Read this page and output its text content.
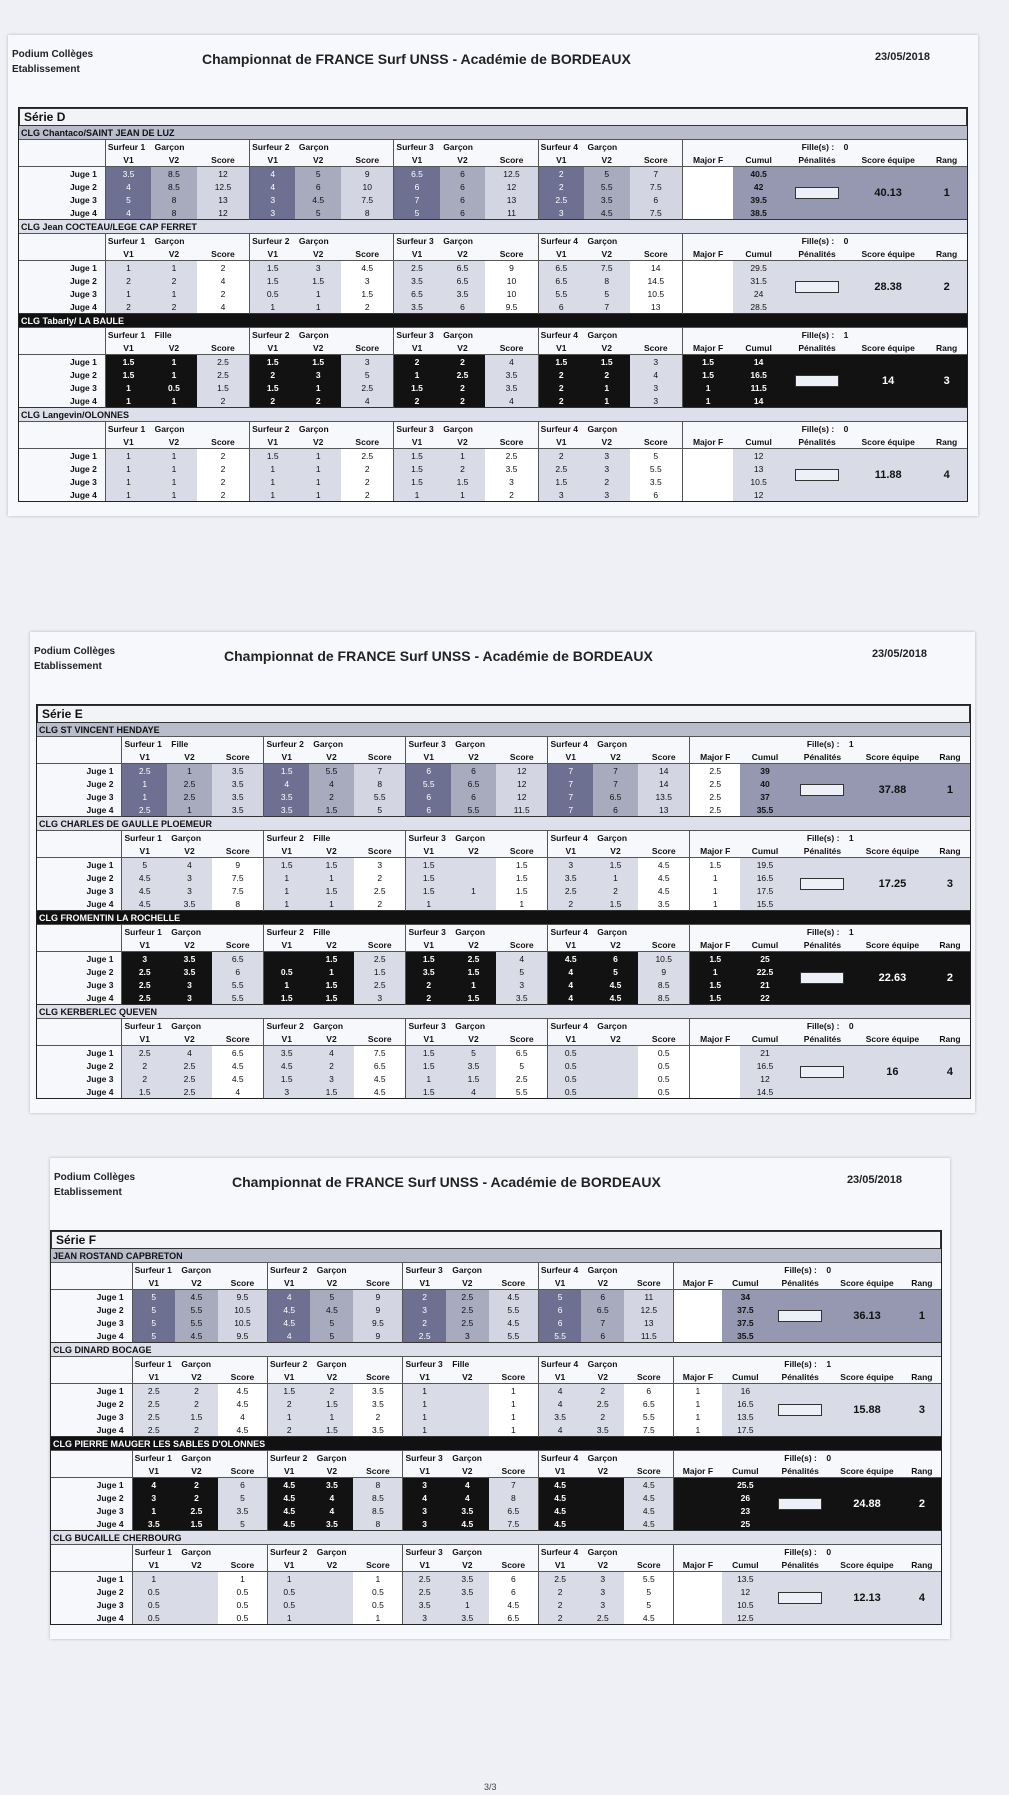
Podium Collèges
Etablissement
Championnat de FRANCE Surf UNSS - Académie de BORDEAUX	23/05/2018
Série D
CLG Chantaco/SAINT JEAN DE LUZ																	
	Surfeur 1 Garçon			Surfeur 2 Garçon			Surfeur 3 Garçon			Surfeur 4 Garçon			Fille(s) : 0				
	V1	V2	Score	V1	V2	Score	V1	V2	Score	V1	V2	Score	Major F	Cumul	Pénalités	Score équipe	Rang
Juge 1	3.5	8.5	12	4	5	9	6.5	6	12.5	2	5	7		40.5		40.13	1
Juge 2	4	8.5	12.5	4	6	10	6	6	12	2	5.5	7.5		42			
Juge 3	5	8	13	3	4.5	7.5	7	6	13	2.5	3.5	6		39.5			
Juge 4	4	8	12	3	5	8	5	6	11	3	4.5	7.5		38.5			
CLG Jean COCTEAU/LEGE CAP FERRET																	
	Surfeur 1 Garçon			Surfeur 2 Garçon			Surfeur 3 Garçon			Surfeur 4 Garçon			Fille(s) : 0				
	V1	V2	Score	V1	V2	Score	V1	V2	Score	V1	V2	Score	Major F	Cumul	Pénalités	Score équipe	Rang
Juge 1	1	1	2	1.5	3	4.5	2.5	6.5	9	6.5	7.5	14		29.5		28.38	2
Juge 2	2	2	4	1.5	1.5	3	3.5	6.5	10	6.5	8	14.5		31.5			
Juge 3	1	1	2	0.5	1	1.5	6.5	3.5	10	5.5	5	10.5		24			
Juge 4	2	2	4	1	1	2	3.5	6	9.5	6	7	13		28.5			
CLG Tabarly/ LA BAULE																	
	Surfeur 1 Fille			Surfeur 2 Garçon			Surfeur 3 Garçon			Surfeur 4 Garçon			Fille(s) : 1				
	V1	V2	Score	V1	V2	Score	V1	V2	Score	V1	V2	Score	Major F	Cumul	Pénalités	Score équipe	Rang
Juge 1	1.5	1	2.5	1.5	1.5	3	2	2	4	1.5	1.5	3	1.5	14		14	3
Juge 2	1.5	1	2.5	2	3	5	1	2.5	3.5	2	2	4	1.5	16.5			
Juge 3	1	0.5	1.5	1.5	1	2.5	1.5	2	3.5	2	1	3	1	11.5			
Juge 4	1	1	2	2	2	4	2	2	4	2	1	3	1	14			
CLG Langevin/OLONNES																	
	Surfeur 1 Garçon			Surfeur 2 Garçon			Surfeur 3 Garçon			Surfeur 4 Garçon			Fille(s) : 0				
	V1	V2	Score	V1	V2	Score	V1	V2	Score	V1	V2	Score	Major F	Cumul	Pénalités	Score équipe	Rang
Juge 1	1	1	2	1.5	1	2.5	1.5	1	2.5	2	3	5		12		11.88	4
Juge 2	1	1	2	1	1	2	1.5	2	3.5	2.5	3	5.5		13			
Juge 3	1	1	2	1	1	2	1.5	1.5	3	1.5	2	3.5		10.5			
Juge 4	1	1	2	1	1	2	1	1	2	3	3	6		12			
Podium Collèges
Etablissement
Championnat de FRANCE Surf UNSS - Académie de BORDEAUX	23/05/2018
Série E
CLG ST VINCENT HENDAYE																	
	Surfeur 1 Fille			Surfeur 2 Garçon			Surfeur 3 Garçon			Surfeur 4 Garçon			Fille(s) : 1				
	V1	V2	Score	V1	V2	Score	V1	V2	Score	V1	V2	Score	Major F	Cumul	Pénalités	Score équipe	Rang
Juge 1	2.5	1	3.5	1.5	5.5	7	6	6	12	7	7	14	2.5	39		37.88	1
Juge 2	1	2.5	3.5	4	4	8	5.5	6.5	12	7	7	14	2.5	40			
Juge 3	1	2.5	3.5	3.5	2	5.5	6	6	12	7	6.5	13.5	2.5	37			
Juge 4	2.5	1	3.5	3.5	1.5	5	6	5.5	11.5	7	6	13	2.5	35.5			
CLG CHARLES DE GAULLE PLOEMEUR																	
	Surfeur 1 Garçon			Surfeur 2 Fille			Surfeur 3 Garçon			Surfeur 4 Garçon			Fille(s) : 1				
	V1	V2	Score	V1	V2	Score	V1	V2	Score	V1	V2	Score	Major F	Cumul	Pénalités	Score équipe	Rang
Juge 1	5	4	9	1.5	1.5	3	1.5		1.5	3	1.5	4.5	1.5	19.5		17.25	3
Juge 2	4.5	3	7.5	1	1	2	1.5		1.5	3.5	1	4.5	1	16.5			
Juge 3	4.5	3	7.5	1	1.5	2.5	1.5	1	1.5	2.5	2	4.5	1	17.5			
Juge 4	4.5	3.5	8	1	1	2	1		1	2	1.5	3.5	1	15.5			
CLG FROMENTIN LA ROCHELLE																	
	Surfeur 1 Garçon			Surfeur 2 Fille			Surfeur 3 Garçon			Surfeur 4 Garçon			Fille(s) : 1				
	V1	V2	Score	V1	V2	Score	V1	V2	Score	V1	V2	Score	Major F	Cumul	Pénalités	Score équipe	Rang
Juge 1	3	3.5	6.5		1.5	2.5	1.5	2.5	4	4.5	6	10.5	1.5	25		22.63	2
Juge 2	2.5	3.5	6	0.5	1	1.5	3.5	1.5	5	4	5	9	1	22.5			
Juge 3	2.5	3	5.5	1	1.5	2.5	2	1	3	4	4.5	8.5	1.5	21			
Juge 4	2.5	3	5.5	1.5	1.5	3	2	1.5	3.5	4	4.5	8.5	1.5	22			
CLG KERBERLEC QUEVEN																	
	Surfeur 1 Garçon			Surfeur 2 Garçon			Surfeur 3 Garçon			Surfeur 4 Garçon			Fille(s) : 0				
	V1	V2	Score	V1	V2	Score	V1	V2	Score	V1	V2	Score	Major F	Cumul	Pénalités	Score équipe	Rang
Juge 1	2.5	4	6.5	3.5	4	7.5	1.5	5	6.5	0.5		0.5		21		16	4
Juge 2	2	2.5	4.5	4.5	2	6.5	1.5	3.5	5	0.5		0.5		16.5			
Juge 3	2	2.5	4.5	1.5	3	4.5	1	1.5	2.5	0.5		0.5		12			
Juge 4	1.5	2.5	4	3	1.5	4.5	1.5	4	5.5	0.5		0.5		14.5			
Podium Collèges
Etablissement
Championnat de FRANCE Surf UNSS - Académie de BORDEAUX	23/05/2018
Série F
JEAN ROSTAND CAPBRETON																	
	Surfeur 1 Garçon			Surfeur 2 Garçon			Surfeur 3 Garçon			Surfeur 4 Garçon			Fille(s) : 0				
	V1	V2	Score	V1	V2	Score	V1	V2	Score	V1	V2	Score	Major F	Cumul	Pénalités	Score équipe	Rang
Juge 1	5	4.5	9.5	4	5	9	2	2.5	4.5	5	6	11		34		36.13	1
Juge 2	5	5.5	10.5	4.5	4.5	9	3	2.5	5.5	6	6.5	12.5		37.5			
Juge 3	5	5.5	10.5	4.5	5	9.5	2	2.5	4.5	6	7	13		37.5			
Juge 4	5	4.5	9.5	4	5	9	2.5	3	5.5	5.5	6	11.5		35.5			
CLG DINARD BOCAGE																	
	Surfeur 1 Garçon			Surfeur 2 Garçon			Surfeur 3 Fille			Surfeur 4 Garçon			Fille(s) : 1				
	V1	V2	Score	V1	V2	Score	V1	V2	Score	V1	V2	Score	Major F	Cumul	Pénalités	Score équipe	Rang
Juge 1	2.5	2	4.5	1.5	2	3.5	1		1	4	2	6	1	16		15.88	3
Juge 2	2.5	2	4.5	2	1.5	3.5	1		1	4	2.5	6.5	1	16.5			
Juge 3	2.5	1.5	4	1	1	2	1		1	3.5	2	5.5	1	13.5			
Juge 4	2.5	2	4.5	2	1.5	3.5	1		1	4	3.5	7.5	1	17.5			
CLG PIERRE MAUGER LES SABLES D'OLONNES																	
	Surfeur 1 Garçon			Surfeur 2 Garçon			Surfeur 3 Garçon			Surfeur 4 Garçon			Fille(s) : 0				
	V1	V2	Score	V1	V2	Score	V1	V2	Score	V1	V2	Score	Major F	Cumul	Pénalités	Score équipe	Rang
Juge 1	4	2	6	4.5	3.5	8	3	4	7	4.5		4.5		25.5		24.88	2
Juge 2	3	2	5	4.5	4	8.5	4	4	8	4.5		4.5		26			
Juge 3	1	2.5	3.5	4.5	4	8.5	3	3.5	6.5	4.5		4.5		23			
Juge 4	3.5	1.5	5	4.5	3.5	8	3	4.5	7.5	4.5		4.5		25			
CLG BUCAILLE CHERBOURG																	
	Surfeur 1 Garçon			Surfeur 2 Garçon			Surfeur 3 Garçon			Surfeur 4 Garçon			Fille(s) : 0				
	V1	V2	Score	V1	V2	Score	V1	V2	Score	V1	V2	Score	Major F	Cumul	Pénalités	Score équipe	Rang
Juge 1	1		1	1		1	2.5	3.5	6	2.5	3	5.5		13.5		12.13	4
Juge 2	0.5		0.5	0.5		0.5	2.5	3.5	6	2	3	5		12			
Juge 3	0.5		0.5	0.5		0.5	3.5	1	4.5	2	3	5		10.5			
Juge 4	0.5		0.5	1		1	3	3.5	6.5	2	2.5	4.5		12.5			
3/3
